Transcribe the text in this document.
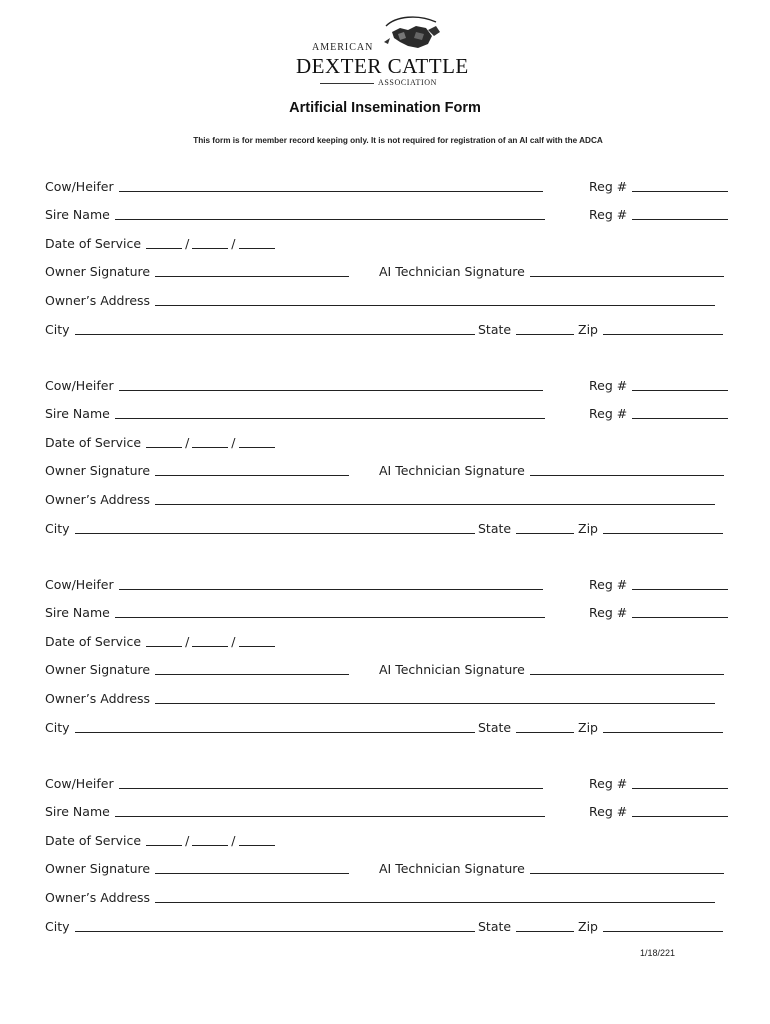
AMERICAN
DEXTER CATTLE
ASSOCIATION
Artificial Insemination Form
This form is for member record keeping only. It is not required for registration of an AI calf with the ADCA
Cow/Heifer	Reg #
Sire Name	Reg #
Date of Service	/	/
Owner Signature	AI Technician Signature
Owner’s Address
City	State	Zip
Cow/Heifer	Reg #
Sire Name	Reg #
Date of Service	/	/
Owner Signature	AI Technician Signature
Owner’s Address
City	State	Zip
Cow/Heifer	Reg #
Sire Name	Reg #
Date of Service	/	/
Owner Signature	AI Technician Signature
Owner’s Address
City	State	Zip
Cow/Heifer	Reg #
Sire Name	Reg #
Date of Service	/	/
Owner Signature	AI Technician Signature
Owner’s Address
City	State	Zip
1/18/221
